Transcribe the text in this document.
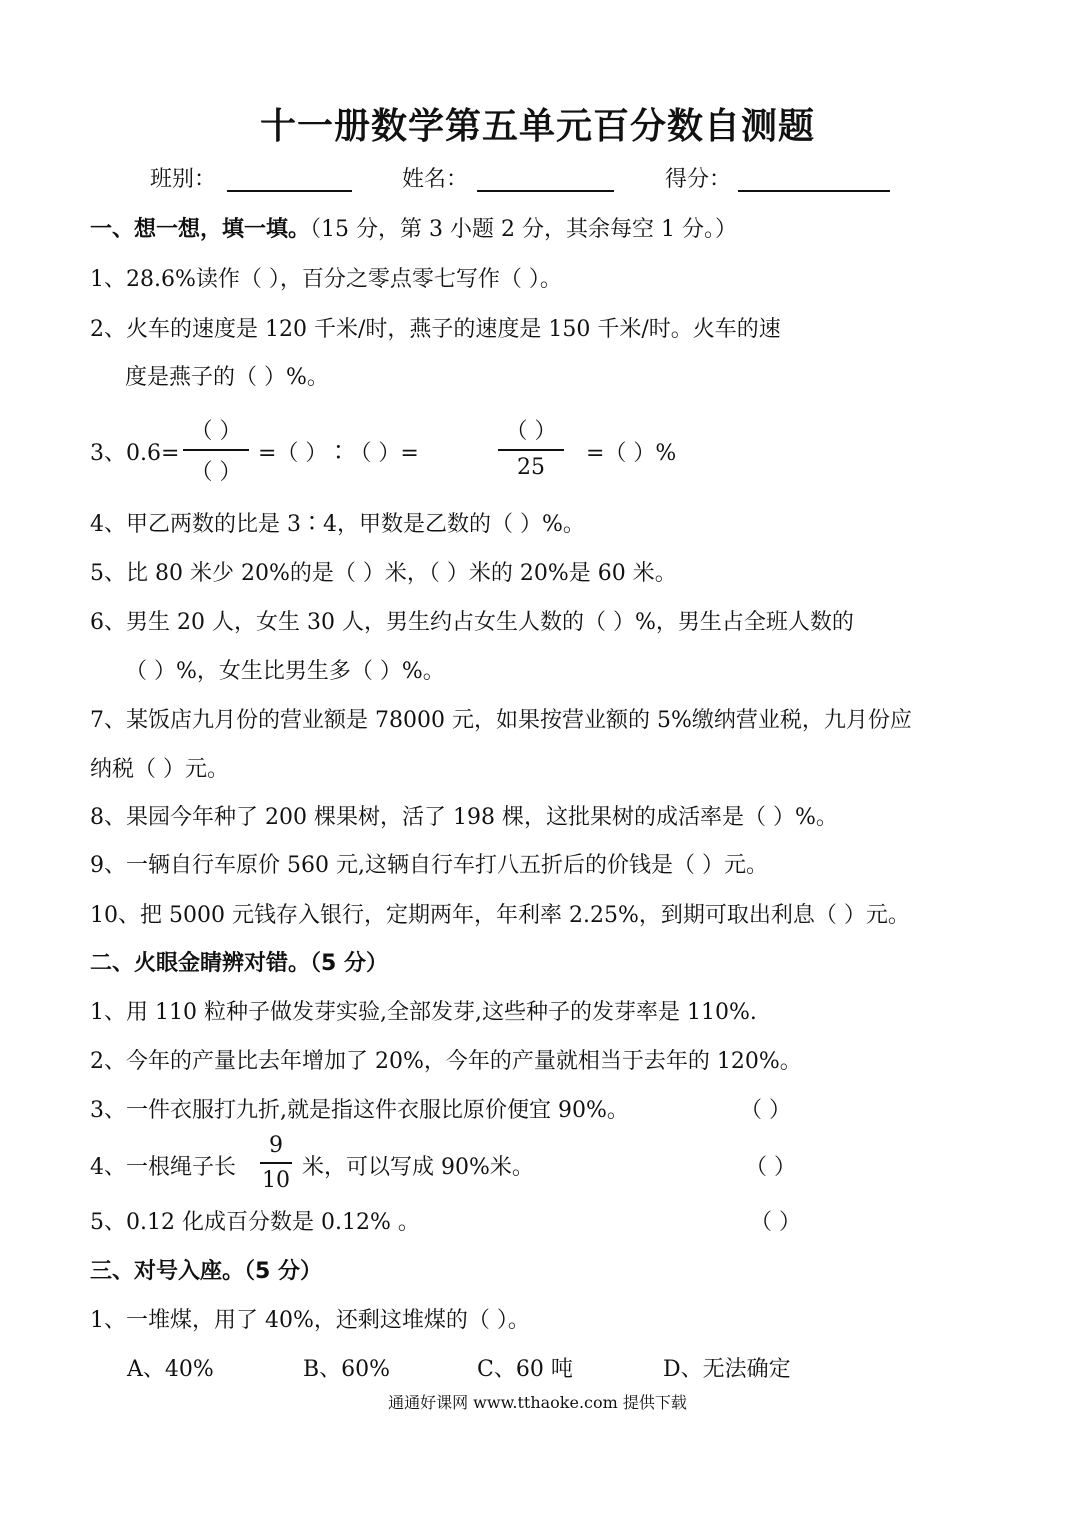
十一册数学第五单元百分数自测题
班别：	姓名：	得分：
一、想一想，填一填。（15 分，第 3 小题 2 分，其余每空 1 分。）
1、28.6%读作（ ），百分之零点零七写作（ ）。
2、火车的速度是 120 千米/时，燕子的速度是 150 千米/时。火车的速
度是燕子的（ ）%。
3、0.6=
（ ）
（ ）
=（ ）∶（ ）=
（ ）
25
=（ ）%
4、甲乙两数的比是 3∶4，甲数是乙数的（ ）%。
5、比 80 米少 20%的是（ ）米，（ ）米的 20%是 60 米。
6、男生 20 人，女生 30 人，男生约占女生人数的（ ）%，男生占全班人数的
（ ）%，女生比男生多（ ）%。
7、某饭店九月份的营业额是 78000 元，如果按营业额的 5%缴纳营业税，九月份应
纳税（ ）元。
8、果园今年种了 200 棵果树，活了 198 棵，这批果树的成活率是（ ）%。
9、一辆自行车原价 560 元,这辆自行车打八五折后的价钱是（ ）元。
10、把 5000 元钱存入银行，定期两年，年利率 2.25%，到期可取出利息（ ）元。
二、火眼金睛辨对错。（5 分）
1、用 110 粒种子做发芽实验,全部发芽,这些种子的发芽率是 110%.
2、今年的产量比去年增加了 20%，今年的产量就相当于去年的 120%。
3、一件衣服打九折,就是指这件衣服比原价便宜 90%。	（ ）
4、一根绳子长
9
10
米，可以写成 90%米。	（ ）
5、0.12 化成百分数是 0.12% 。	（ ）
三、对号入座。（5 分）
1、一堆煤，用了 40%，还剩这堆煤的（ ）。
A、40%	B、60%	C、60 吨	D、无法确定
通通好课网 www.tthaoke.com 提供下载
